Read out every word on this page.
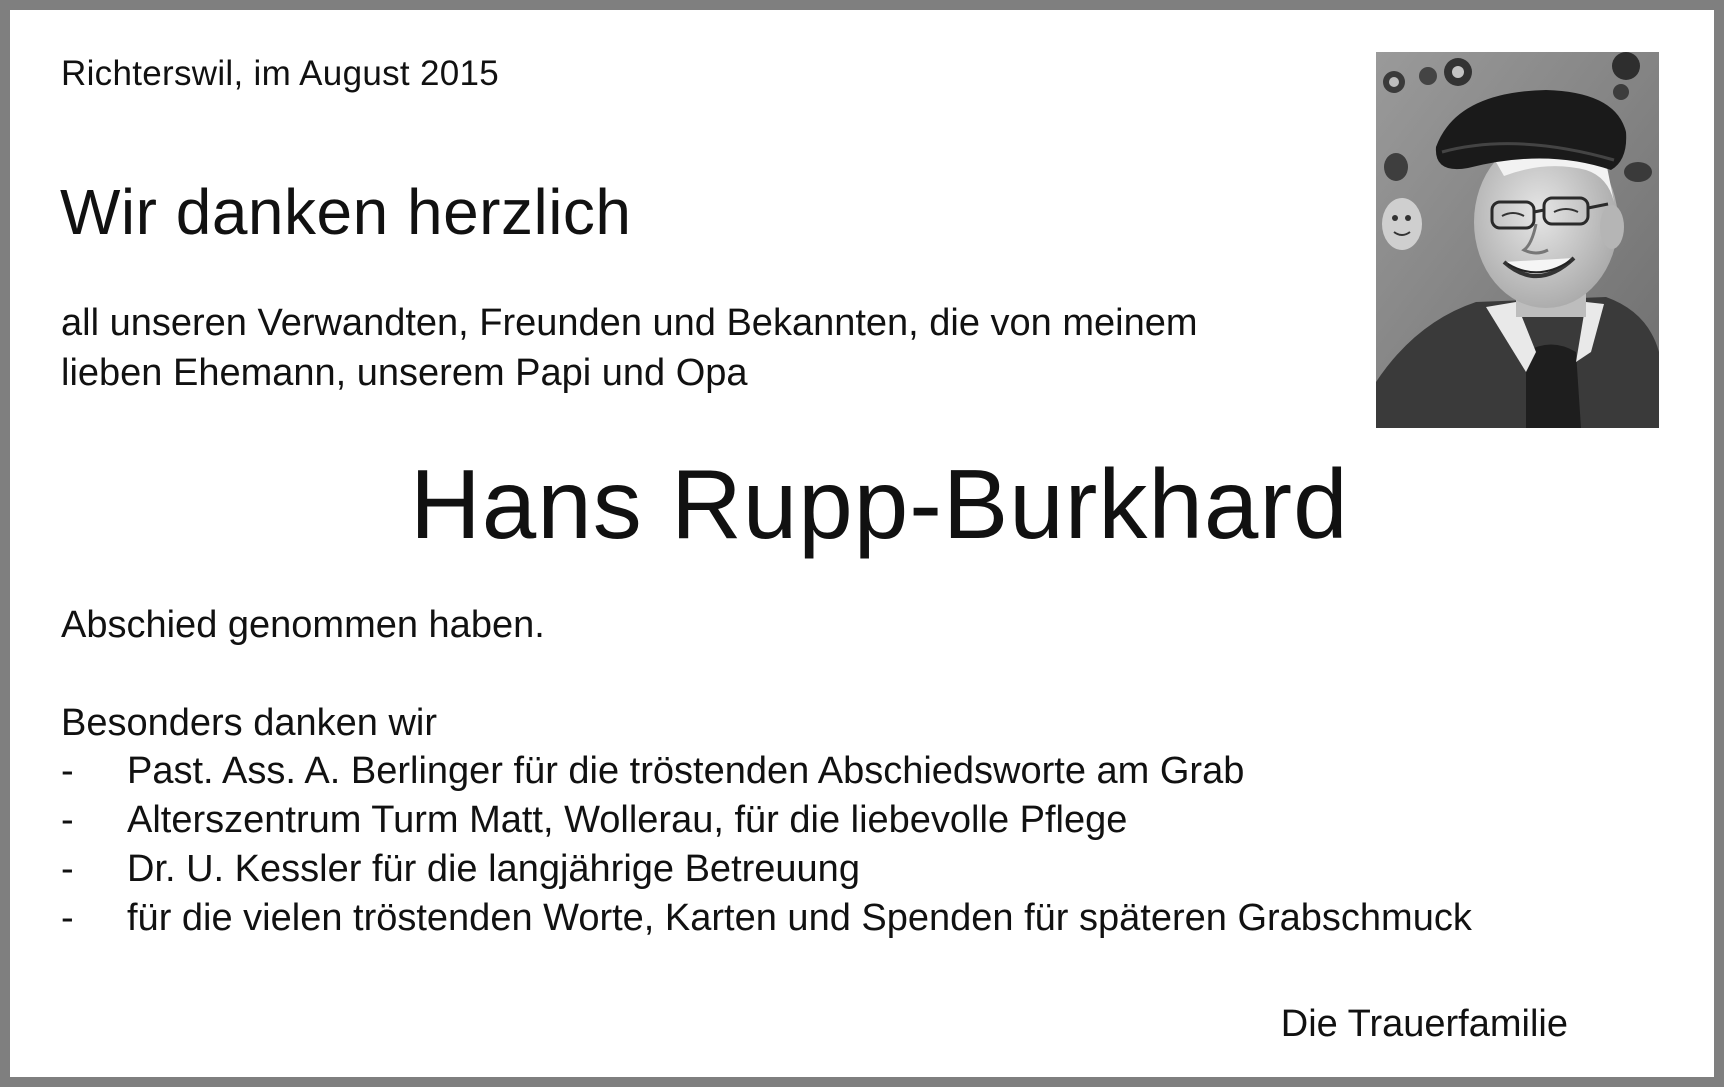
Richterswil, im August 2015
Wir danken herzlich
all unseren Verwandten, Freunden und Bekannten, die von meinem
lieben Ehemann, unserem Papi und Opa
Hans Rupp-Burkhard
Abschied genommen haben.
Besonders danken wir
-	Past. Ass. A. Berlinger für die tröstenden Abschiedsworte am Grab
-	Alterszentrum Turm Matt, Wollerau, für die liebevolle Pflege
-	Dr. U. Kessler für die langjährige Betreuung
-	für die vielen tröstenden Worte, Karten und Spenden für späteren Grabschmuck
Die Trauerfamilie
